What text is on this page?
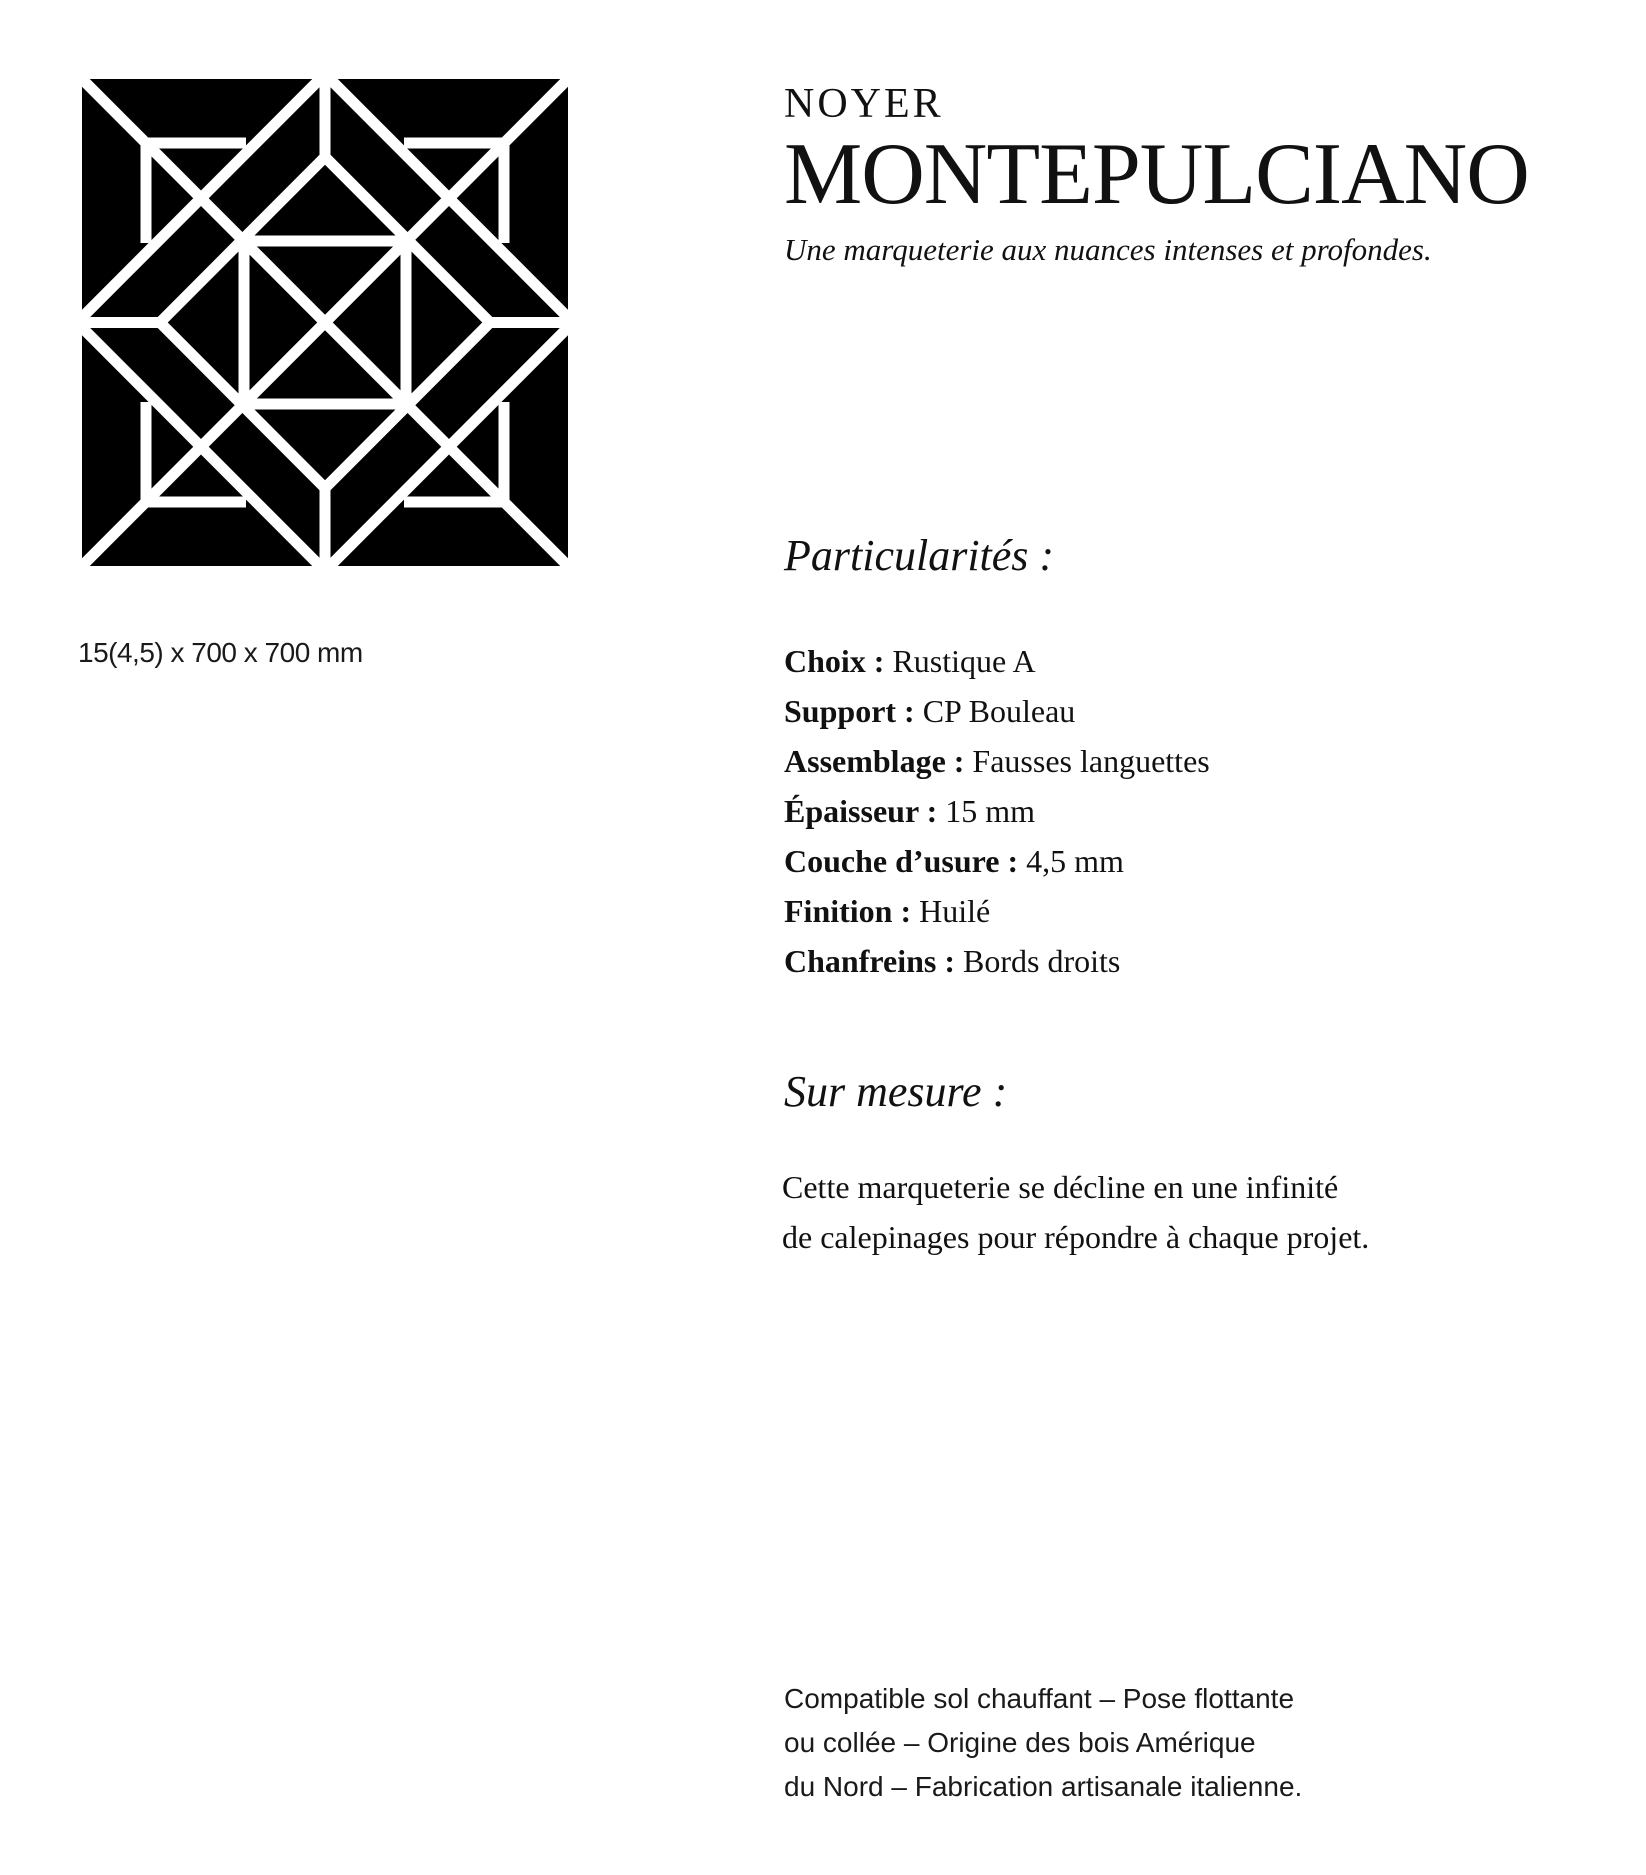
15(4,5) x 700 x 700 mm

NOYER

MONTEPULCIANO

Une marqueterie aux nuances intenses et profondes.

Particularités :
Choix : Rustique A
Support : CP Bouleau
Assemblage : Fausses languettes
Épaisseur : 15 mm
Couche d’usure : 4,5 mm
Finition : Huilé
Chanfreins : Bords droits
Sur mesure :
Cette marqueterie se décline en une infinité
de calepinages pour répondre à chaque projet.
Compatible sol chauffant – Pose flottante
ou collée – Origine des bois Amérique
du Nord – Fabrication artisanale italienne.
